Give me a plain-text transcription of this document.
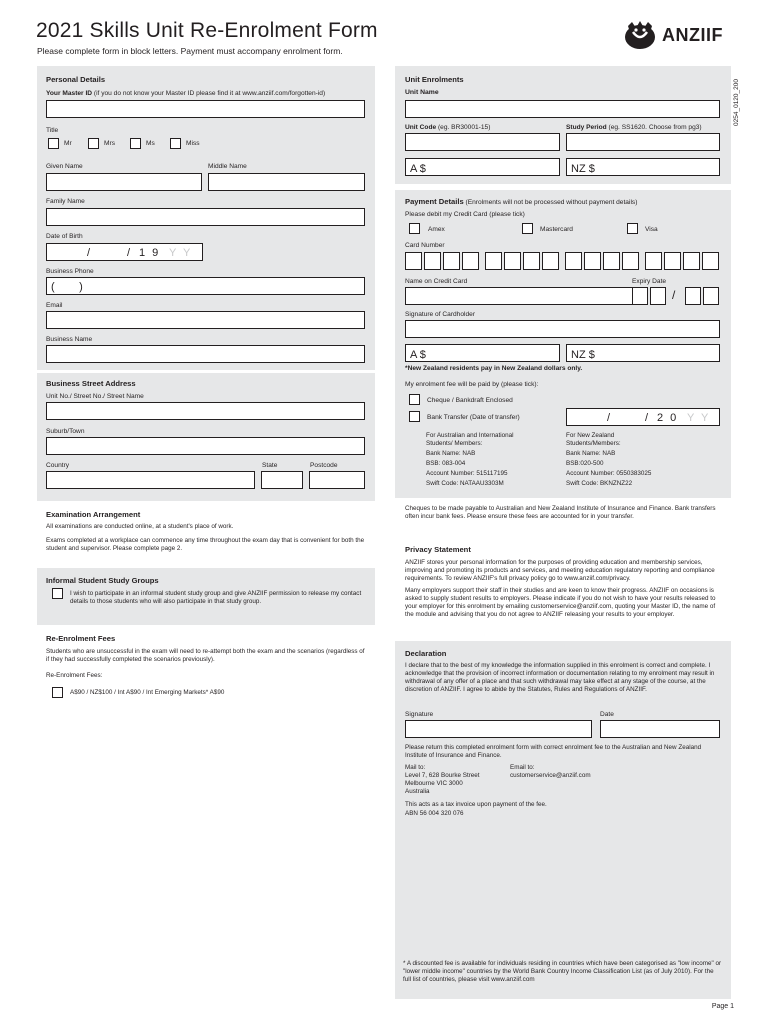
2021 Skills Unit Re-Enrolment Form
Please complete form in block letters. Payment must accompany enrolment form.
ANZIIF
0254_0120_200
Personal Details
Your Master ID (if you do not know your Master ID please find it at www.anziif.com/forgotten-id)
Title
Mr	Mrs	Ms	Miss
Given Name	Middle Name
Family Name
Date of Birth
/	/ 1 9 Y Y
Business Phone
(        )
Email
Business Name
Business Street Address
Unit No./ Street No./ Street Name
Suburb/Town
Country	State	Postcode
Examination Arrangement
All examinations are conducted online, at a student's place of work.
Exams completed at a workplace can commence any time throughout the exam day that is convenient for both the student and supervisor. Please complete page 2.
Informal Student Study Groups
I wish to participate in an informal student study group and give ANZIIF permission to release my contact details to those students who will also participate in that study group.
Re-Enrolment Fees
Students who are unsuccessful in the exam will need to re-attempt both the exam and the scenarios (regardless of if they had successfully completed the scenarios previously).
Re-Enrolment Fees:
A$90 / NZ$100 / Int A$90 / Int Emerging Markets* A$90
Unit Enrolments
Unit Name
Unit Code (eg. BR30001-15)	Study Period (eg. SS1620. Choose from pg3)
A $	NZ $
Payment Details (Enrolments will not be processed without payment details)
Please debit my Credit Card (please tick)
Amex	Mastercard	Visa
Card Number
Name on Credit Card	Expiry Date
/
Signature of Cardholder
A $	NZ $
*New Zealand residents pay in New Zealand dollars only.
My enrolment fee will be paid by (please tick):
Cheque / Bankdraft Enclosed
Bank Transfer (Date of transfer)	/	/ 2 0 Y Y
For Australian and International
Students/ Members:
Bank Name: NAB
BSB: 083-004
Account Number: 515117195
Swift Code: NATAAU3303M
For New Zealand
Students/Members:
Bank Name: NAB
BSB:020-500
Account Number: 0550383025
Swift Code: BKNZNZ22
Cheques to be made payable to Australian and New Zealand Institute of Insurance and Finance. Bank transfers often incur bank fees. Please ensure these fees are accounted for in your transfer.
Privacy Statement
ANZIIF stores your personal information for the purposes of providing education and membership services, improving and promoting its products and services, and meeting education regulatory reporting and compliance requirements. To review ANZIIF's full privacy policy go to www.anziif.com/privacy.
Many employers support their staff in their studies and are keen to know their progress. ANZIIF on occasions is asked to supply student results to employers. Please indicate if you do not wish to have your results released to your employer for this enrolment by emailing customerservice@anziif.com, quoting your Master ID, the name of the module and advising that you do not agree to ANZIIF releasing your results to your employer.
Declaration
I declare that to the best of my knowledge the information supplied in this enrolment is correct and complete. I acknowledge that the provision of incorrect information or documentation relating to my enrolment may result in withdrawal of any offer of a place and that such withdrawal may take effect at any stage of the course, at the discretion of ANZIIF. I agree to abide by the Statutes, Rules and Regulations of ANZIIF.
Signature	Date
Please return this completed enrolment form with correct enrolment fee to the Australian and New Zealand Institute of Insurance and Finance.
Mail to:
Level 7, 628 Bourke Street
Melbourne VIC 3000
Australia
Email to:
customerservice@anziif.com
This acts as a tax invoice upon payment of the fee.
ABN 56 004 320 076
* A discounted fee is available for individuals residing in countries which have been categorised as "low income" or "lower middle income" countries by the World Bank Country Income Classification List (as of July 2010). For the full list of countries, please visit www.anziif.com
Page 1
